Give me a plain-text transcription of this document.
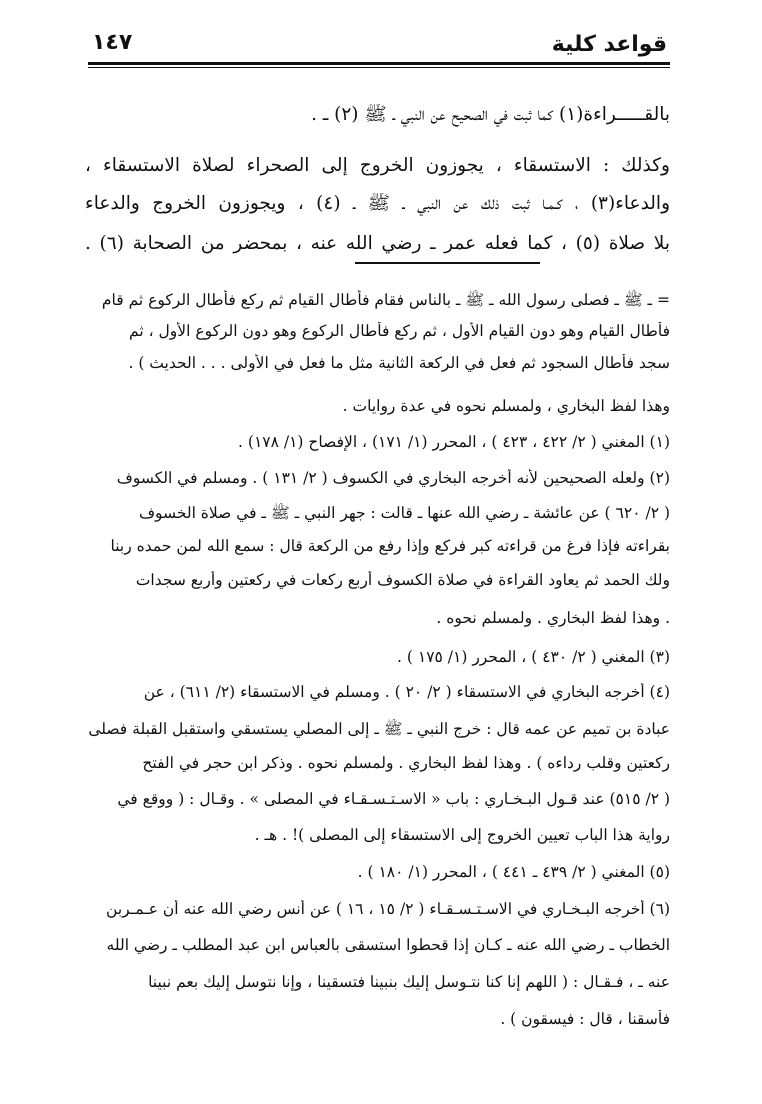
قواعد كلية
١٤٧
بالقـــــراءة(١) كما ثبت في الصحيح عن النبي ـ ﷺ (٢) ـ .
وكذلك : الاستسقاء ، يجوزون الخروج إلى الصحراء لصلاة الاستسقاء ،
والدعاء(٣) ، كـمـا ثبت ذلك عن النبي ـ ﷺ ـ (٤) ، ويجوزون الخروج والدعاء
بلا صلاة (٥) ، كما فعله عمر ـ رضي الله عنه ، بمحضر من الصحابة (٦) .
= ـ ﷺ ـ فصلى رسول الله ـ ﷺ ـ بالناس فقام فأطال القيام ثم ركع فأطال الركوع ثم قام
فأطال القيام وهو دون القيام الأول ، ثم ركع فأطال الركوع وهو دون الركوع الأول ، ثم
سجد فأطال السجود ثم فعل في الركعة الثانية مثل ما فعل في الأولى . . . الحديث ) .
وهذا لفظ البخاري ، ولمسلم نحوه في عدة روايات .
(١) المغني ( ٢/ ٤٢٢ ، ٤٢٣ ) ، المحرر (١/ ١٧١) ، الإفصاح (١/ ١٧٨) .
(٢) ولعله الصحيحين لأنه أخرجه البخاري في الكسوف ( ٢/ ١٣١ ) . ومسلم في الكسوف
( ٢/ ٦٢٠ ) عن عائشة ـ رضي الله عنها ـ قالت : جهر النبي ـ ﷺ ـ في صلاة الخسوف
بقراءته فإذا فرغ من قراءته كبر فركع وإذا رفع من الركعة قال : سمع الله لمن حمده ربنا
ولك الحمد ثم يعاود القراءة في صلاة الكسوف أربع ركعات في ركعتين وأربع سجدات
. وهذا لفظ البخاري . ولمسلم نحوه .
(٣) المغني ( ٢/ ٤٣٠ ) ، المحرر (١/ ١٧٥ ) .
(٤) أخرجه البخاري في الاستسقاء ( ٢/ ٢٠ ) . ومسلم في الاستسقاء (٢/ ٦١١) ، عن
عبادة بن تميم عن عمه قال : خرج النبي ـ ﷺ ـ إلى المصلي يستسقي واستقبل القبلة فصلى
ركعتين وقلب رداءه ) . وهذا لفظ البخاري . ولمسلم نحوه . وذكر ابن حجر في الفتح
( ٢/ ٥١٥) عند قـول البـخـاري : باب « الاسـتـسـقـاء في المصلى » . وقـال : ( ووقع في
رواية هذا الباب تعيين الخروج إلى الاستسقاء إلى المصلى )! . هـ .
(٥) المغني ( ٢/ ٤٣٩ ـ ٤٤١ ) ، المحرر (١/ ١٨٠ ) .
(٦) أخرجه البـخـاري في الاسـتـسـقـاء ( ٢/ ١٥ ، ١٦ ) عن أنس رضي الله عنه أن عـمـربن
الخطاب ـ رضي الله عنه ـ كـان إذا قحطوا استسقى بالعباس ابن عبد المطلب ـ رضي الله
عنه ـ ، فـقـال : ( اللهم إنا كنا نتـوسل إليك بنبينا فتسقينا ، وإنا نتوسل إليك بعم نبينا
فأسقنا ، قال : فيسقون ) .
